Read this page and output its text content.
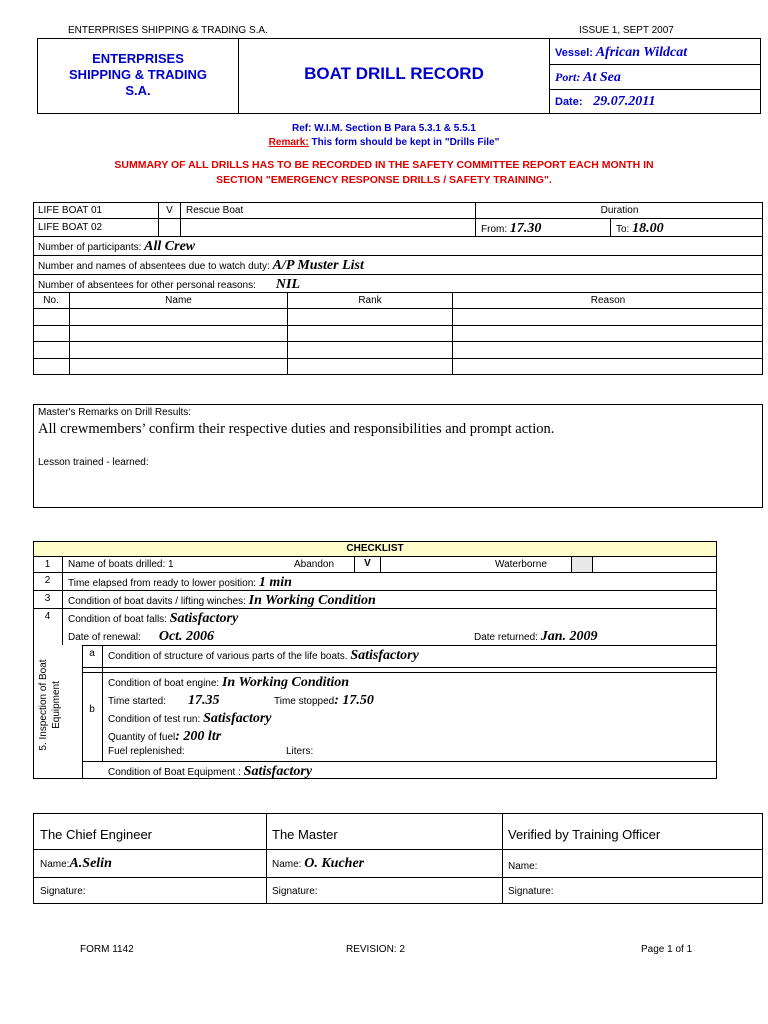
ENTERPRISES SHIPPING & TRADING S.A.	ISSUE 1, SEPT 2007
ENTERPRISES
SHIPPING & TRADING
S.A.
BOAT DRILL RECORD
Vessel: African Wildcat
Port: At Sea
Date: 29.07.2011
Ref: W.I.M. Section B Para 5.3.1 & 5.5.1
Remark: This form should be kept in "Drills File"
SUMMARY OF ALL DRILLS HAS TO BE RECORDED IN THE SAFETY COMMITTEE REPORT EACH MONTH IN
SECTION "EMERGENCY RESPONSE DRILLS / SAFETY TRAINING".
LIFE BOAT 01	V	Rescue Boat
LIFE BOAT 02
Duration
From: 17.30	To: 18.00
Number of participants: All Crew
Number and names of absentees due to watch duty: A/P Muster List
Number of absentees for other personal reasons: NIL
No.	Name	Rank	Reason
Master's Remarks on Drill Results:
All crewmembers’ confirm their respective duties and responsibilities and prompt action.
Lesson trained - learned:
CHECKLIST
1	Name of boats drilled: 1	Abandon	V	Waterborne
2	Time elapsed from ready to lower position: 1 min
3	Condition of boat davits / lifting winches: In Working Condition
4	Condition of boat falls: Satisfactory
Date of renewal: Oct. 2006	Date returned: Jan. 2009
5. Inspection of Boat Equipment
a	Condition of structure of various parts of the life boats. Satisfactory
b
Condition of boat engine: In Working Condition
Time started: 17.35	Time stopped: 17.50
Condition of test run: Satisfactory
Quantity of fuel: 200 ltr
Fuel replenished:	Liters:
Condition of Boat Equipment : Satisfactory
The Chief Engineer	The Master	Verified by Training Officer
Name:A.Selin	Name: O. Kucher	Name:
Signature:	Signature:	Signature:
FORM 1142	REVISION: 2	Page 1 of 1
